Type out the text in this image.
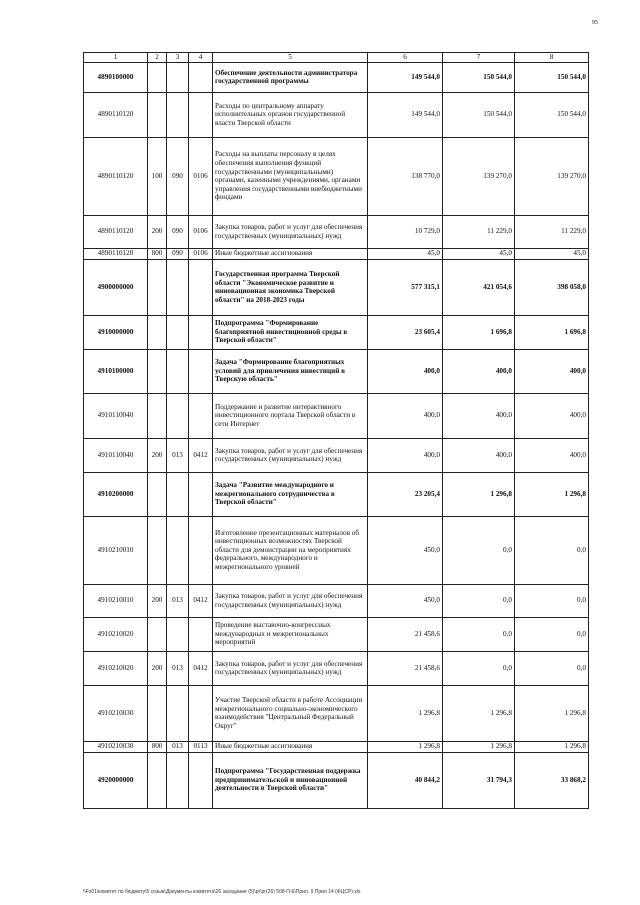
95
1	2	3	4	5	6	7	8
4890100000				Обеспечение деятельности администратора государственной программы	149 544,0	150 544,0	150 544,0
4890110120				Расходы по центральному аппарату исполнительных органов государственной власти Тверской области	149 544,0	150 544,0	150 544,0
4890110120	100	090	0106	Расходы на выплаты персоналу в целях обеспечения выполнения функций государственными (муниципальными) органами, казенными учреждениями, органами управления государственными внебюджетными фондами	138 770,0	139 270,0	139 270,0
4890110120	200	090	0106	Закупка товаров, работ и услуг для обеспечения государственных (муниципальных) нужд	10 729,0	11 229,0	11 229,0
4890110120	800	090	0106	Иные бюджетные ассигнования	45,0	45,0	45,0
4900000000				Государственная программа Тверской области "Экономическое развитие и инновационная экономика Тверской области" на 2018-2023 годы	577 315,1	421 054,6	398 058,0
4910000000				Подпрограмма "Формирование благоприятной инвестиционной среды в Тверской области"	23 605,4	1 696,8	1 696,8
4910100000				Задача "Формирование благоприятных условий для привлечения инвестиций в Тверскую область"	400,0	400,0	400,0
4910110040				Поддержание и развитие интерактивного инвестиционного портала Тверской области в сети Интернет	400,0	400,0	400,0
4910110040	200	013	0412	Закупка товаров, работ и услуг для обеспечения государственных (муниципальных) нужд	400,0	400,0	400,0
4910200000				Задача "Развитие международного и межрегионального сотрудничества в Тверской области"	23 205,4	1 296,8	1 296,8
4910210010				Изготовление презентационных материалов об инвестиционных возможностях Тверской области для демонстрации на мероприятиях федерального, международного и межрегионального уровней	450,0	0,0	0,0
4910210010	200	013	0412	Закупка товаров, работ и услуг для обеспечения государственных (муниципальных) нужд	450,0	0,0	0,0
4910210020				Проведение выставочно-конгрессных международных и межрегиональных мероприятий	21 458,6	0,0	0,0
4910210020	200	013	0412	Закупка товаров, работ и услуг для обеспечения государственных (муниципальных) нужд	21 458,6	0,0	0,0
4910210030				Участие Тверской области в работе Ассоциации межрегионального социально-экономического взаимодействия "Центральный Федеральный Округ"	1 296,8	1 296,8	1 296,8
4910210030	800	013	0113	Иные бюджетные ассигнования	1 296,8	1 296,8	1 296,8
4920000000				Подпрограмма "Государственная поддержка предпринимательской и инновационной деятельности в Тверской области"	40 844,2	31 794,3	33 868,2
\\Fs01\комитет по бюджету\5 созыв\Документы комитета\26 заседание (5)\pr\pr(26) 508-П-6\Прил. 9 Прил 14 (ФЦСР).xls
